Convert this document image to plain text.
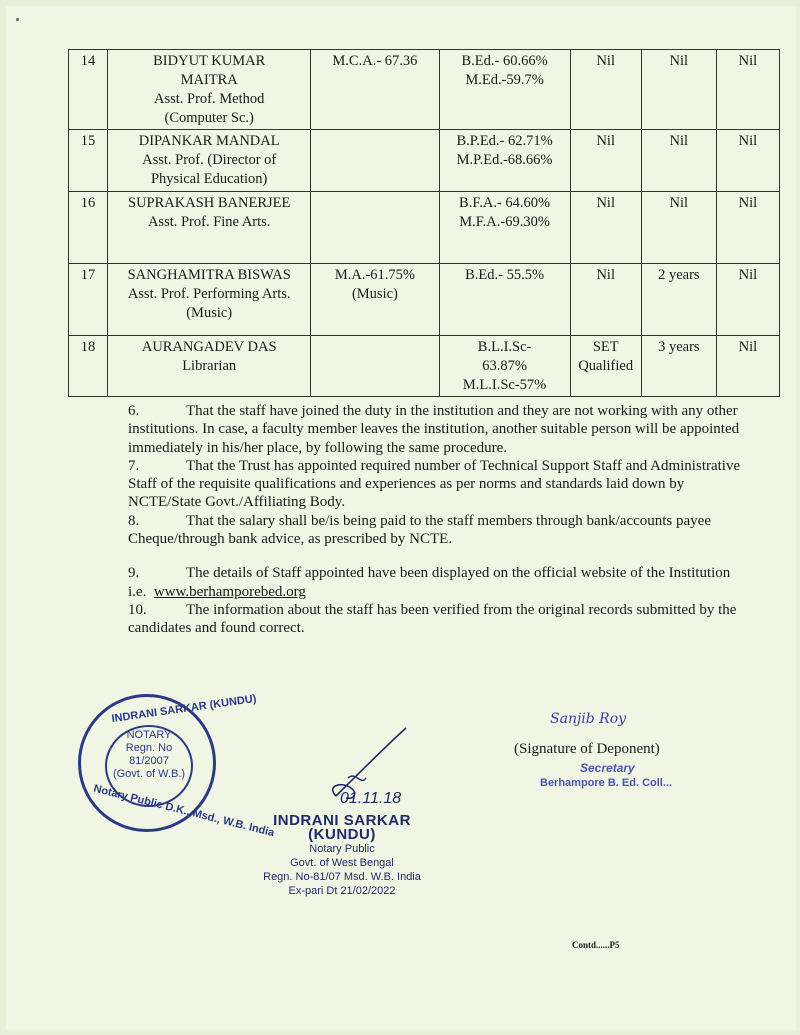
14	BIDYUT KUMAR
MAITRA
Asst. Prof. Method
(Computer Sc.)	M.C.A.- 67.36	B.Ed.- 60.66%
M.Ed.-59.7%	Nil	Nil	Nil

15	DIPANKAR MANDAL
Asst. Prof. (Director of
Physical Education)		B.P.Ed.- 62.71%
M.P.Ed.-68.66%	Nil	Nil	Nil

16	SUPRAKASH BANERJEE
Asst. Prof. Fine Arts.		B.F.A.- 64.60%
M.F.A.-69.30%	Nil	Nil	Nil

17	SANGHAMITRA BISWAS
Asst. Prof. Performing Arts.
(Music)	M.A.-61.75%
(Music)	B.Ed.- 55.5%	Nil	2 years	Nil

18	AURANGADEV DAS
Librarian		B.L.I.Sc-
63.87%
M.L.I.Sc-57%	SET
Qualified	3 years	Nil

6.	That the staff have joined the duty in the institution and they are not working with any other institutions. In case, a faculty member leaves the institution, another suitable person will be appointed immediately in his/her place, by following the same procedure.

7.	That the Trust has appointed required number of Technical Support Staff and Administrative Staff of the requisite qualifications and experiences as per norms and standards laid down by NCTE/State Govt./Affiliating Body.

8.	That the salary shall be/is being paid to the staff members through bank/accounts payee Cheque/through bank advice, as prescribed by NCTE.

9.	The details of Staff appointed have been displayed on the official website of the Institution i.e. www.berhamporebed.org

10.	The information about the staff has been verified from the original records submitted by the candidates and found correct.

INDRANI SARKAR (KUNDU)
NOTARY
Regn. No
81/2007
(Govt. of W.B.)
Notary Public D.K., Msd., W.B. India	01.11.18
INDRANI SARKAR (KUNDU)
Notary Public
Govt. of West Bengal
Regn. No-81/07 Msd. W.B. India
Ex-pari Dt 21/02/2022
Sanjib Roy
(Signature of Deponent)
Secretary
Berhampore B. Ed. Coll...
Contd......P5
